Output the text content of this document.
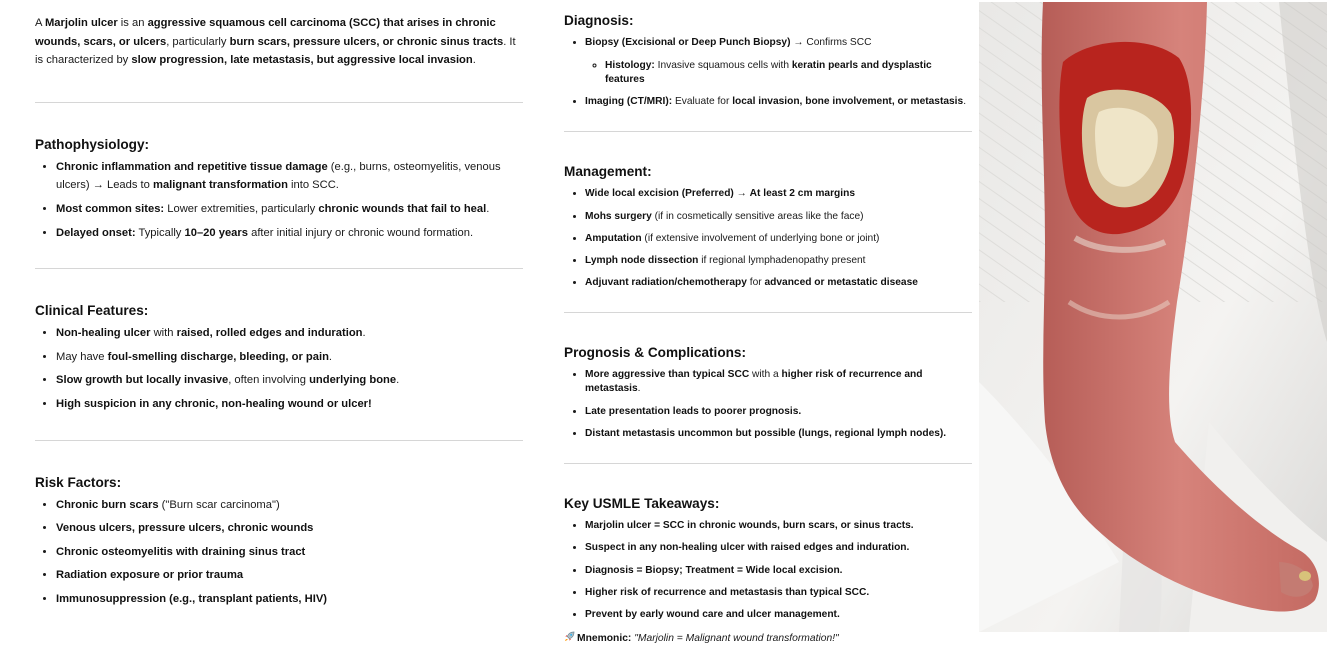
A Marjolin ulcer is an aggressive squamous cell carcinoma (SCC) that arises in chronic wounds, scars, or ulcers, particularly burn scars, pressure ulcers, or chronic sinus tracts. It is characterized by slow progression, late metastasis, but aggressive local invasion.

Pathophysiology:
• Chronic inflammation and repetitive tissue damage (e.g., burns, osteomyelitis, venous ulcers) → Leads to malignant transformation into SCC.
• Most common sites: Lower extremities, particularly chronic wounds that fail to heal.
• Delayed onset: Typically 10–20 years after initial injury or chronic wound formation.
Clinical Features:
• Non-healing ulcer with raised, rolled edges and induration.
• May have foul-smelling discharge, bleeding, or pain.
• Slow growth but locally invasive, often involving underlying bone.
• High suspicion in any chronic, non-healing wound or ulcer!
Risk Factors:
• Chronic burn scars ("Burn scar carcinoma")
• Venous ulcers, pressure ulcers, chronic wounds
• Chronic osteomyelitis with draining sinus tract
• Radiation exposure or prior trauma
• Immunosuppression (e.g., transplant patients, HIV)
Diagnosis:
• Biopsy (Excisional or Deep Punch Biopsy) → Confirms SCC
◦ Histology: Invasive squamous cells with keratin pearls and dysplastic features
• Imaging (CT/MRI): Evaluate for local invasion, bone involvement, or metastasis.
Management:
• Wide local excision (Preferred) → At least 2 cm margins
• Mohs surgery (if in cosmetically sensitive areas like the face)
• Amputation (if extensive involvement of underlying bone or joint)
• Lymph node dissection if regional lymphadenopathy present
• Adjuvant radiation/chemotherapy for advanced or metastatic disease
Prognosis & Complications:
• More aggressive than typical SCC with a higher risk of recurrence and metastasis.
• Late presentation leads to poorer prognosis.
• Distant metastasis uncommon but possible (lungs, regional lymph nodes).
Key USMLE Takeaways:
• Marjolin ulcer = SCC in chronic wounds, burn scars, or sinus tracts.
• Suspect in any non-healing ulcer with raised edges and induration.
• Diagnosis = Biopsy; Treatment = Wide local excision.
• Higher risk of recurrence and metastasis than typical SCC.
• Prevent by early wound care and ulcer management.

Mnemonic: "Marjolin = Malignant wound transformation!"
